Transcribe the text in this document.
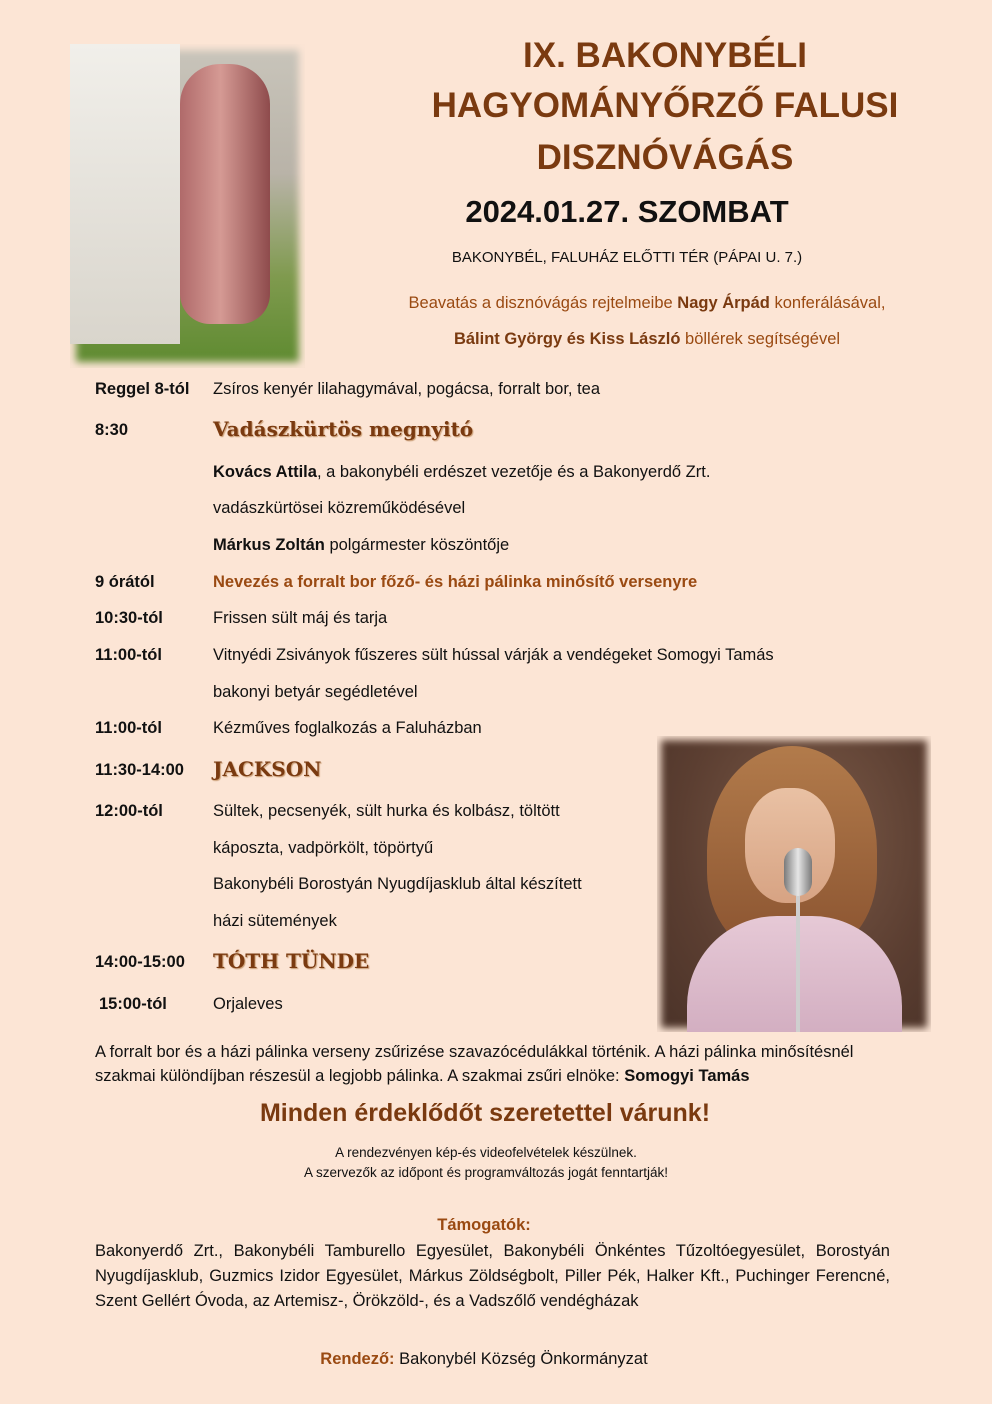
IX. BAKONYBÉLI

HAGYOMÁNYŐRZŐ FALUSI

DISZNÓVÁGÁS

2024.01.27. SZOMBAT

BAKONYBÉL, FALUHÁZ ELŐTTI TÉR (PÁPAI U. 7.)

Beavatás a disznóvágás rejtelmeibe Nagy Árpád konferálásával,

Bálint György és Kiss László böllérek segítségével

Reggel 8-tól Zsíros kenyér lilahagymával, pogácsa, forralt bor, tea
8:30	Vadászkürtös megnyitó
Kovács Attila, a bakonybéli erdészet vezetője és a Bakonyerdő Zrt.
vadászkürtösei közreműködésével
Márkus Zoltán polgármester köszöntője
9 órától	Nevezés a forralt bor főző- és házi pálinka minősítő versenyre
10:30-tól	Frissen sült máj és tarja
11:00-tól	Vitnyédi Zsiványok fűszeres sült hússal várják a vendégeket Somogyi Tamás
bakonyi betyár segédletével
11:00-tól	Kézműves foglalkozás a Faluházban
11:30-14:00 JACKSON
12:00-tól	Sültek, pecsenyék, sült hurka és kolbász, töltött
káposzta, vadpörkölt, töpörtyű
Bakonybéli Borostyán Nyugdíjasklub által készített
házi sütemények
14:00-15:00 TÓTH TÜNDE
15:00-tól	Orjaleves

A forralt bor és a házi pálinka verseny zsűrizése szavazócédulákkal történik. A házi pálinka minősítésnél

szakmai különdíjban részesül a legjobb pálinka. A szakmai zsűri elnöke: Somogyi Tamás

Minden érdeklődőt szeretettel várunk!

A rendezvényen kép-és videofelvételek készülnek.

A szervezők az időpont és programváltozás jogát fenntartják!

Támogatók:

Bakonyerdő Zrt., Bakonybéli Tamburello Egyesület, Bakonybéli Önkéntes Tűzoltóegyesület, Borostyán Nyugdíjasklub, Guzmics Izidor Egyesület, Márkus Zöldségbolt, Piller Pék, Halker Kft., Puchinger Ferencné, Szent Gellért Óvoda, az Artemisz-, Örökzöld-, és a Vadszőlő vendégházak

Rendező: Bakonybél Község Önkormányzat
